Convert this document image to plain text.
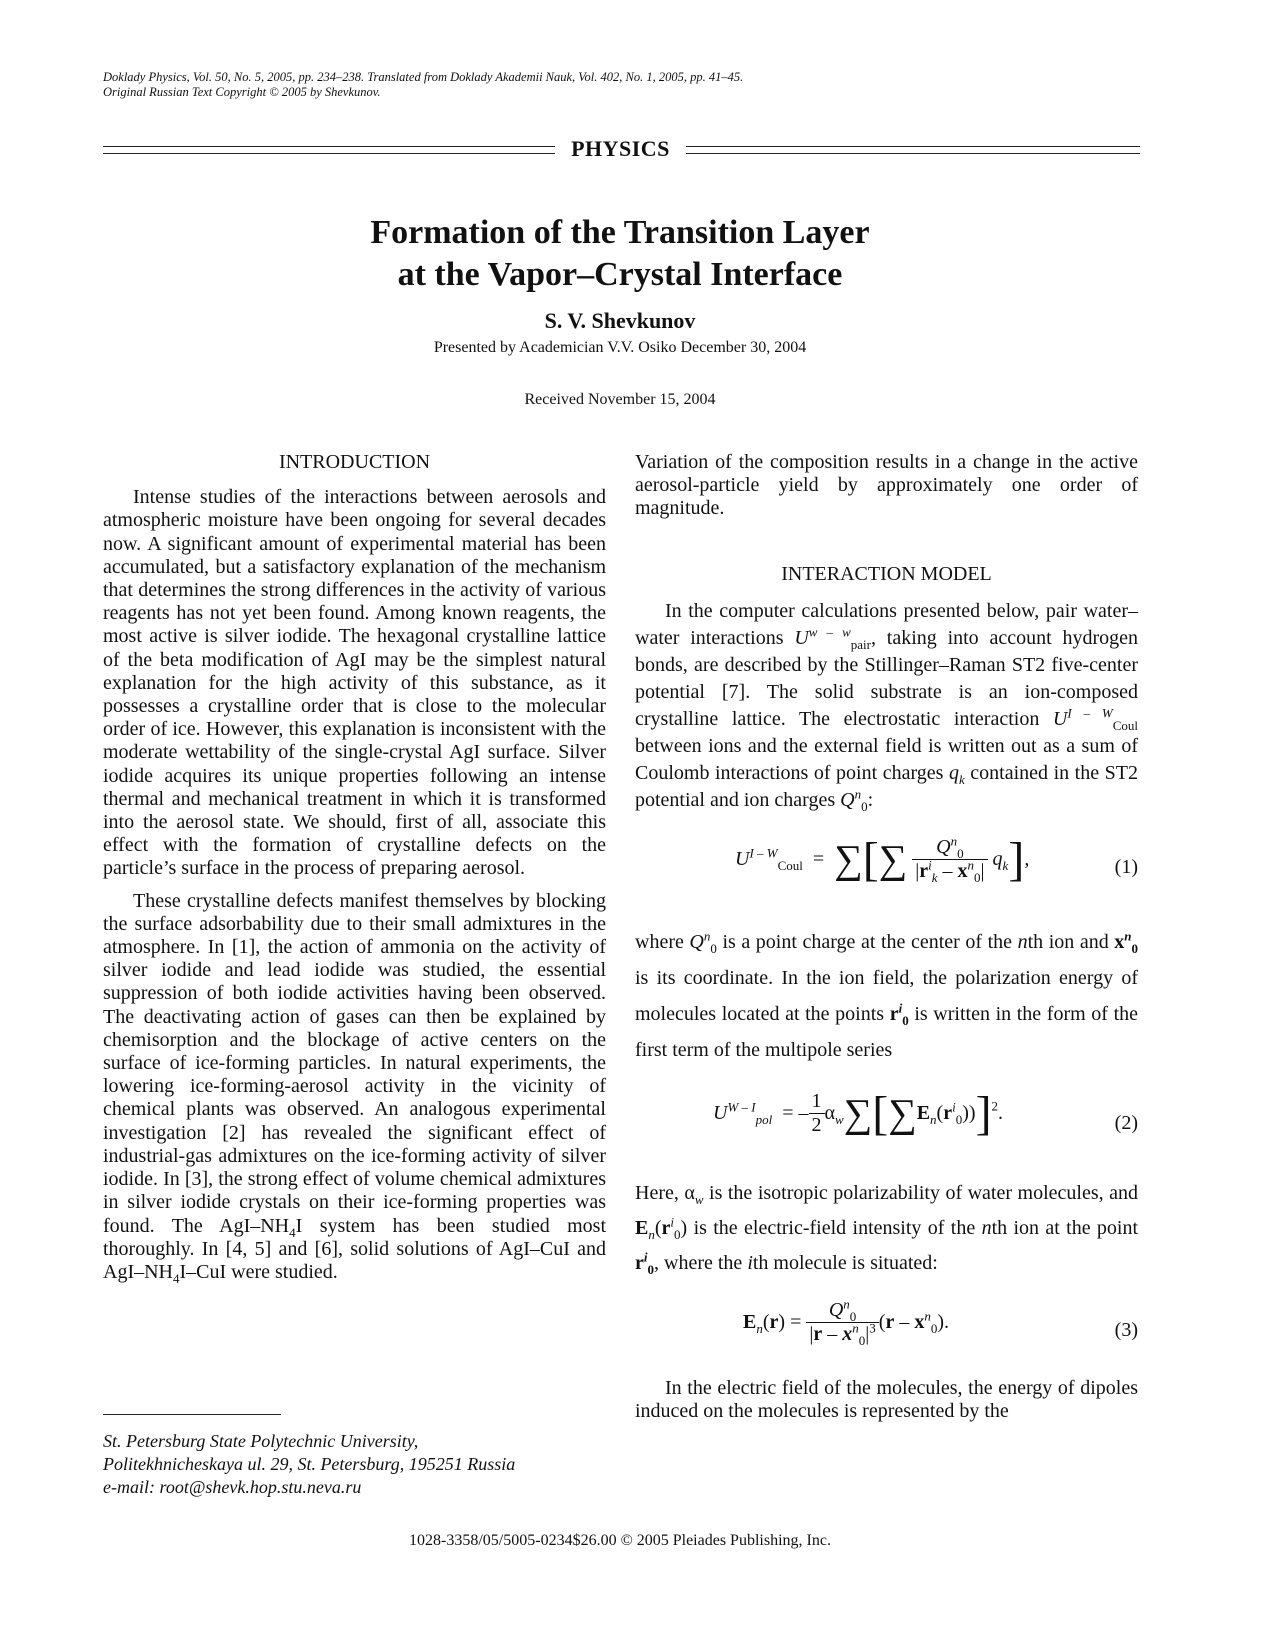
Doklady Physics, Vol. 50, No. 5, 2005, pp. 234–238. Translated from Doklady Akademii Nauk, Vol. 402, No. 1, 2005, pp. 41–45.
Original Russian Text Copyright © 2005 by Shevkunov.
PHYSICS
Formation of the Transition Layer
at the Vapor–Crystal Interface
S. V. Shevkunov
Presented by Academician V.V. Osiko December 30, 2004
Received November 15, 2004

INTRODUCTION

Intense studies of the interactions between aerosols and atmospheric moisture have been ongoing for several decades now. A significant amount of experimental material has been accumulated, but a satisfactory explanation of the mechanism that determines the strong differences in the activity of various reagents has not yet been found. Among known reagents, the most active is silver iodide. The hexagonal crystalline lattice of the beta modification of AgI may be the simplest natural explanation for the high activity of this substance, as it possesses a crystalline order that is close to the molecular order of ice. However, this explanation is inconsistent with the moderate wettability of the single-crystal AgI surface. Silver iodide acquires its unique properties following an intense thermal and mechanical treatment in which it is transformed into the aerosol state. We should, first of all, associate this effect with the formation of crystalline defects on the particle’s surface in the process of preparing aerosol.

These crystalline defects manifest themselves by blocking the surface adsorbability due to their small admixtures in the atmosphere. In [1], the action of ammonia on the activity of silver iodide and lead iodide was studied, the essential suppression of both iodide activities having been observed. The deactivating action of gases can then be explained by chemisorption and the blockage of active centers on the surface of ice-forming particles. In natural experiments, the lowering ice-forming-aerosol activity in the vicinity of chemical plants was observed. An analogous experimental investigation [2] has revealed the significant effect of industrial-gas admixtures on the ice-forming activity of silver iodide. In [3], the strong effect of volume chemical admixtures in silver iodide crystals on their ice-forming properties was found. The AgI–$NH_4I$ system has been studied most thoroughly. In [4, 5] and [6], solid solutions of AgI–CuI and AgI–$NH_4I$–CuI were studied.

Variation of the composition results in a change in the active aerosol-particle yield by approximately one order of magnitude.

INTERACTION MODEL

In the computer calculations presented below, pair water–water interactions $U^{w - w}_{pair}$, taking into account hydrogen bonds, are described by the Stillinger–Raman ST2 five-center potential [7]. The solid substrate is an ion-composed crystalline lattice. The electrostatic interaction $U^{I - W}_{Coul}$ between ions and the external field is written out as a sum of Coulomb interactions of point charges $q_k$ contained in the ST2 potential and ion charges $Q^n_0$:

$U^{I - W}_{Coul}$  =  ∑[∑ $\frac{Q^n_0}{|r^i_k - x^n_0|} q_k$],	(1)

where $Q^n_0$ is a point charge at the center of the nth ion and $x^n_0$ is its coordinate. In the ion field, the polarization energy of molecules located at the points $r^i_0$ is written in the form of the first term of the multipole series

$U^{W - I}_{pol}$  = – $\frac{1}{2} \alpha_w\sum[\sum E_n(r^i_0))]^2$.	(2)

Here, $\alpha_w$ is the isotropic polarizability of water molecules, and $E_n(r^i_0)$ is the electric-field intensity of the nth ion at the point $r^i_0$, where the ith molecule is situated:

$E_n(r) = \frac{Q^n_0}{|r - x^n_0|^3} (r - x^n_0)$.	(3)

In the electric field of the molecules, the energy of dipoles induced on the molecules is represented by the

St. Petersburg State Polytechnic University,
Politekhnicheskaya ul. 29, St. Petersburg, 195251 Russia
e-mail: root@shevk.hop.stu.neva.ru
1028-3358/05/5005-0234$26.00 © 2005 Pleiades Publishing, Inc.
